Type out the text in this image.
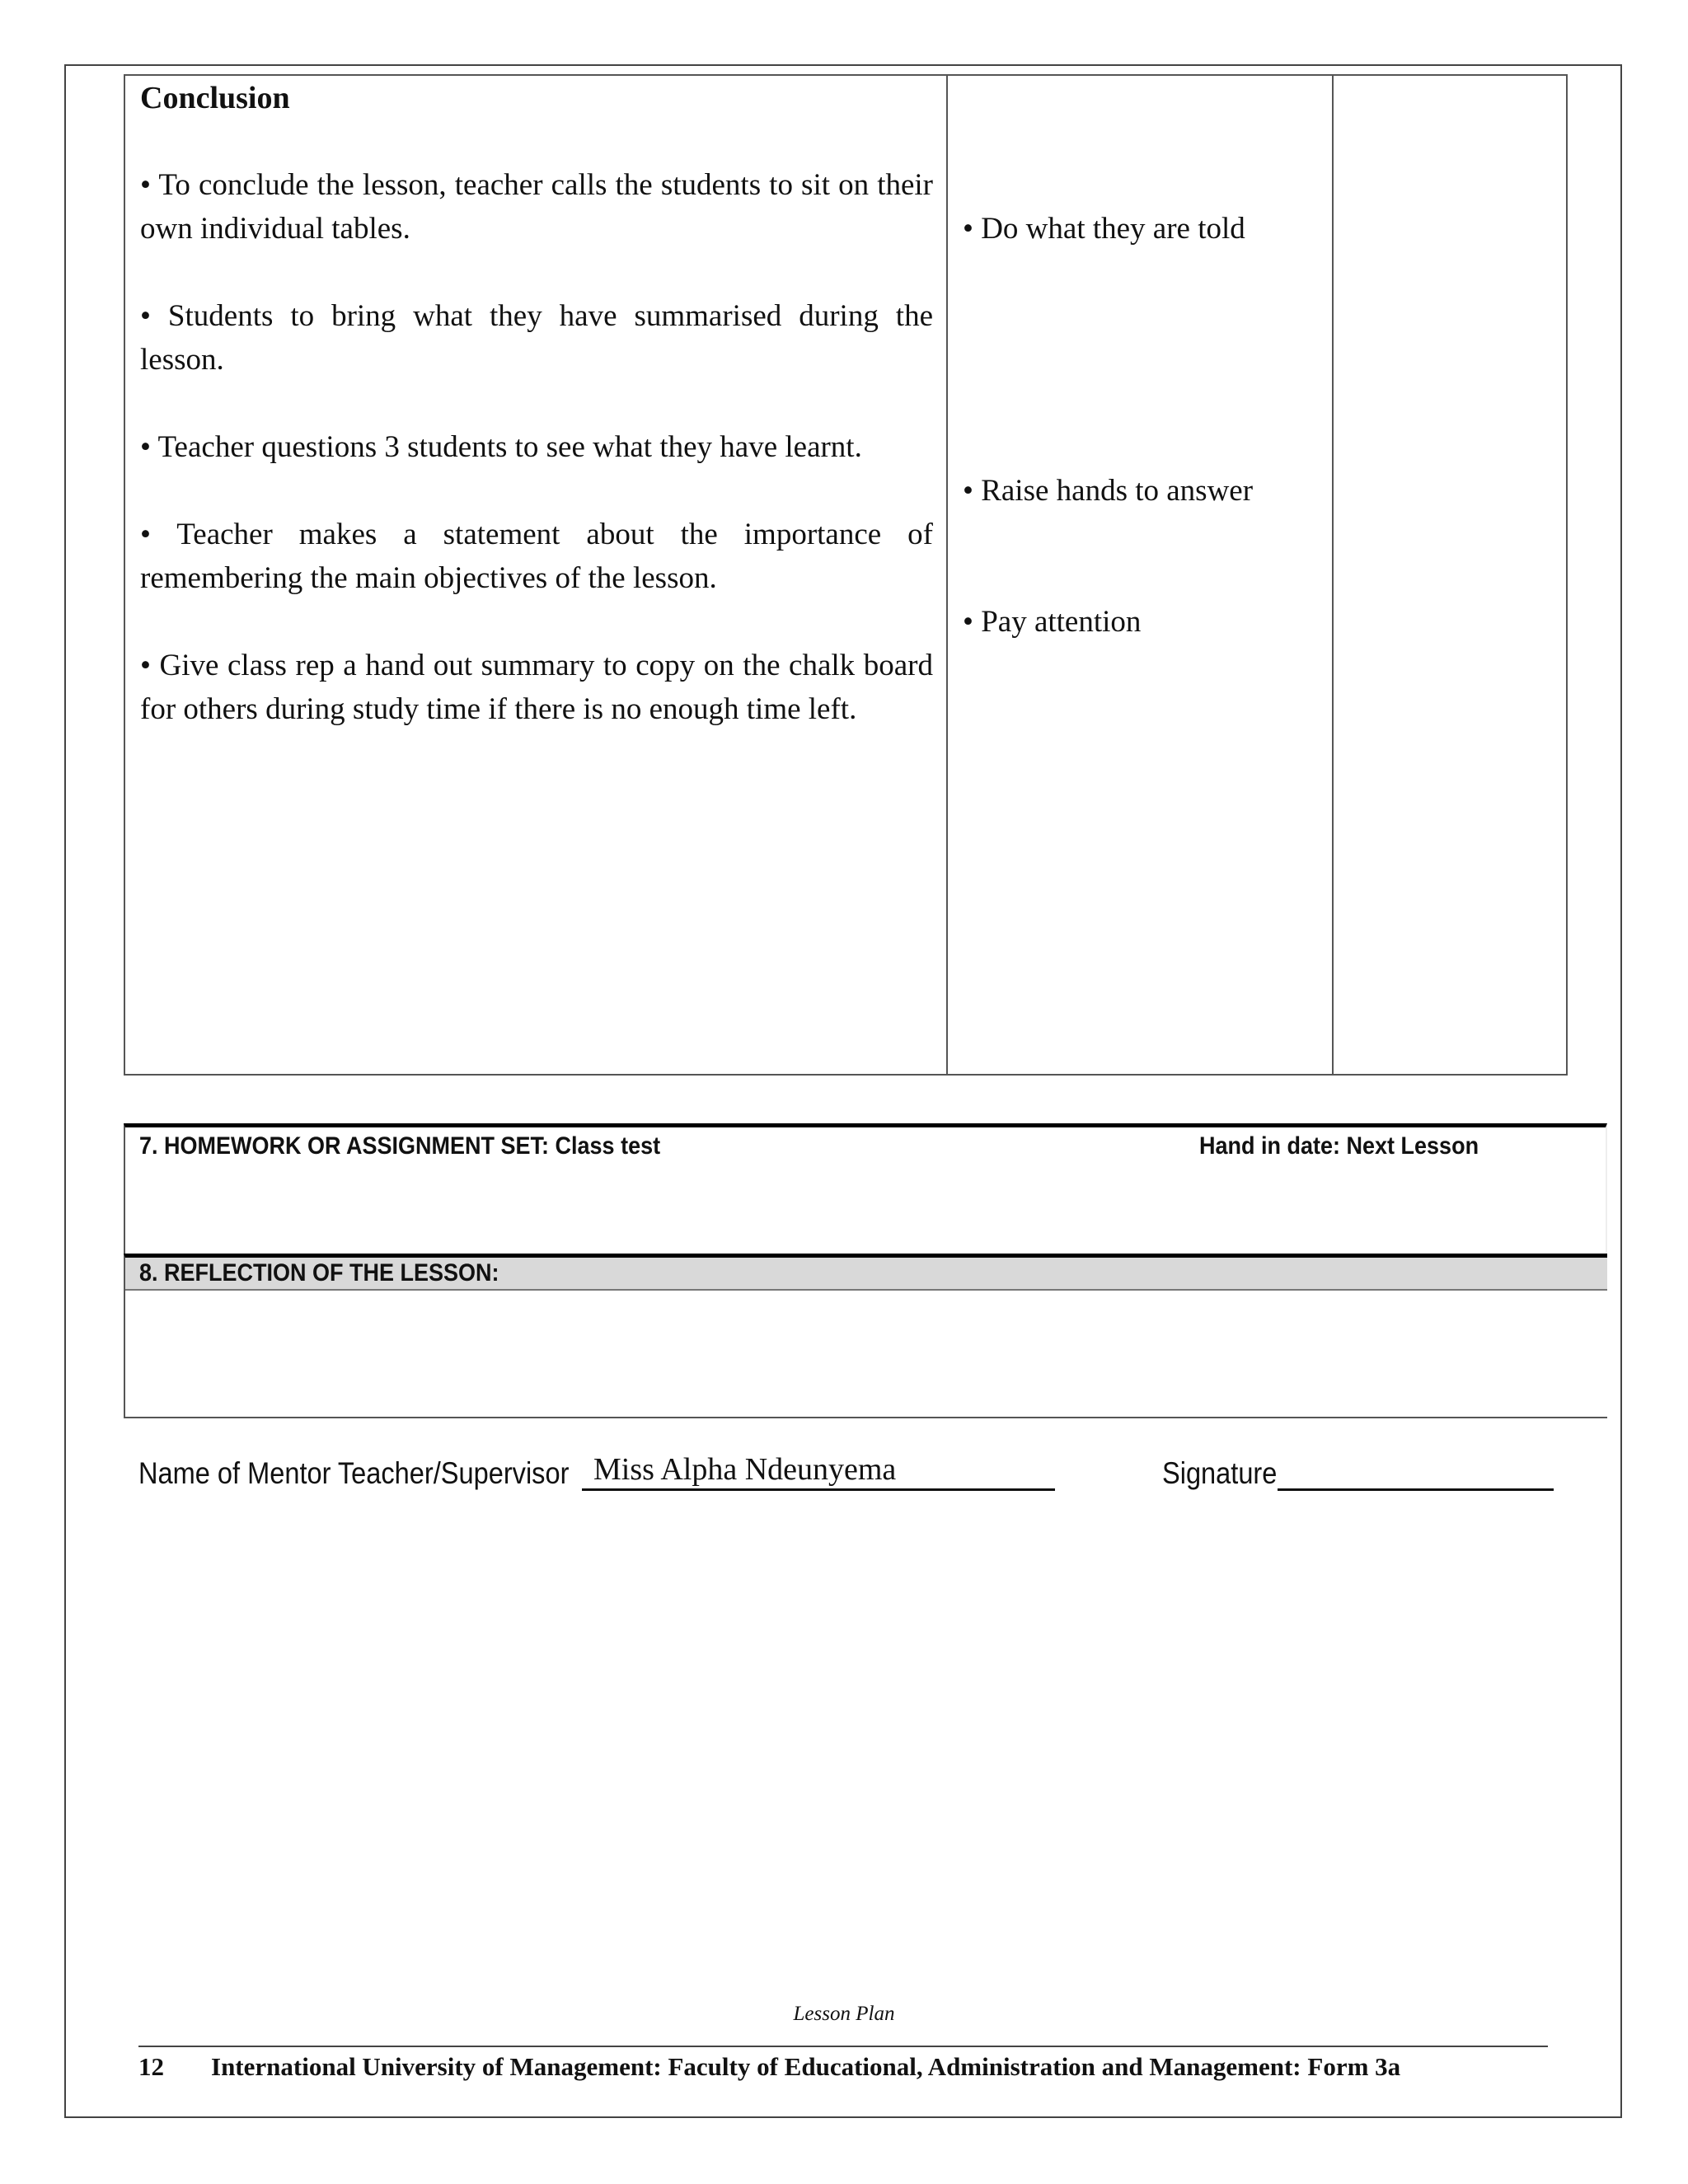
Conclusion
• To conclude the lesson, teacher calls the students to sit on their own individual tables.
• Students to bring what they have summarised during the lesson.
• Teacher questions 3 students to see what they have learnt.
• Teacher makes a statement about the importance of remembering the main objectives of the lesson.
• Give class rep a hand out summary to copy on the chalk board for others during study time if there is no enough time left.
• Do what they are told
• Raise hands to answer
• Pay attention
7. HOMEWORK OR ASSIGNMENT SET: Class test	Hand in date: Next Lesson
8. REFLECTION OF THE LESSON:
Name of Mentor Teacher/Supervisor Miss Alpha Ndeunyema	Signature
Lesson Plan
12 International University of Management: Faculty of Educational, Administration and Management: Form 3a
